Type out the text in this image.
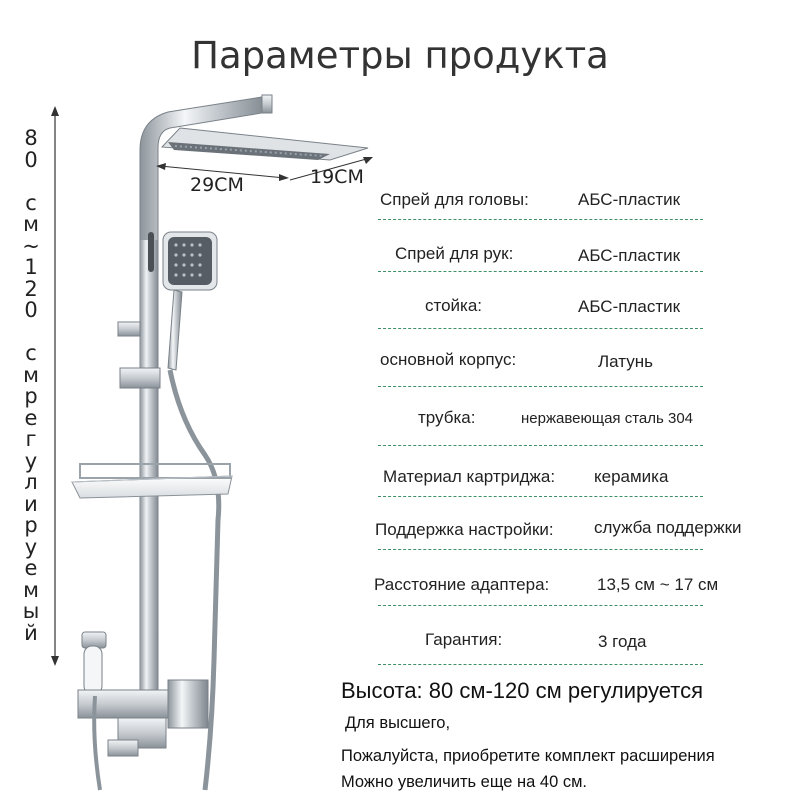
Параметры продукта
8
0

с
м
~
1
2
0

с
м
р
е
г
у
л
и
р
у
е
м
ы
й
29CM	19CM
Спрей для головы:	АБС-пластик
Спрей для рук:	АБС-пластик
стойка:	АБС-пластик
основной корпус:	Латунь
трубка:	нержавеющая сталь 304
Материал картриджа: керамика
Поддержка настройки: служба поддержки
Расстояние адаптера:	13,5 см ~ 17 см
Гарантия:	3 года
Высота: 80 см-120 см регулируется
Для высшего,
Пожалуйста, приобретите комплект расширения
Можно увеличить еще на 40 см.
